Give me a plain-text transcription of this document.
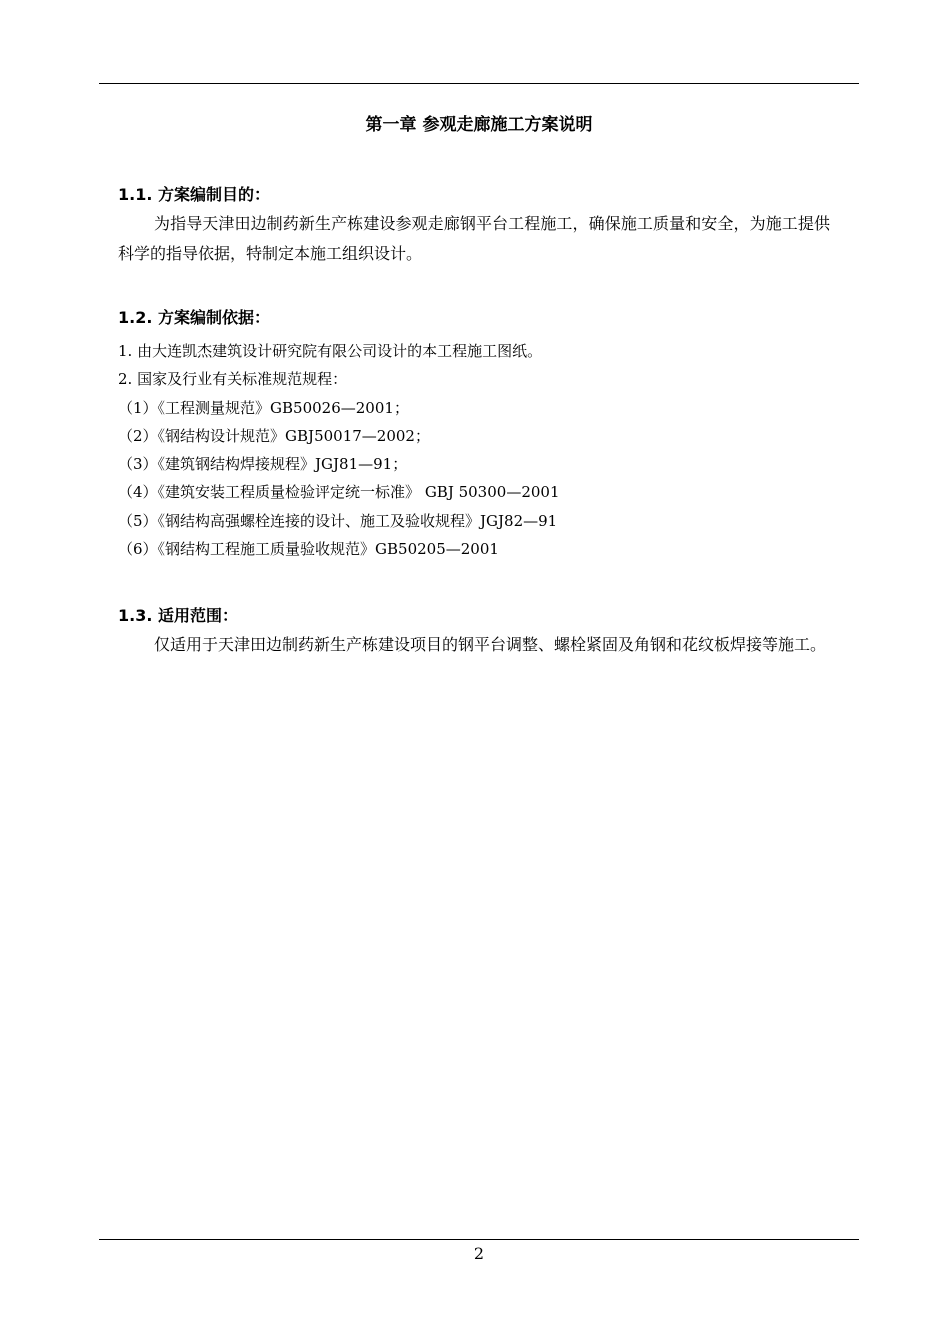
第一章 参观走廊施工方案说明

1.1. 方案编制目的：

为指导天津田边制药新生产栋建设参观走廊钢平台工程施工，确保施工质量和安全，为施工提供科学的指导依据，特制定本施工组织设计。

1.2. 方案编制依据：

1. 由大连凯杰建筑设计研究院有限公司设计的本工程施工图纸。

2. 国家及行业有关标准规范规程：

（1）《工程测量规范》GB50026—2001；

（2）《钢结构设计规范》GBJ50017—2002；

（3）《建筑钢结构焊接规程》JGJ81—91；

（4）《建筑安装工程质量检验评定统一标准》 GBJ 50300—2001

（5）《钢结构高强螺栓连接的设计、施工及验收规程》JGJ82—91

（6）《钢结构工程施工质量验收规范》GB50205—2001

1.3. 适用范围：

仅适用于天津田边制药新生产栋建设项目的钢平台调整、螺栓紧固及角钢和花纹板焊接等施工。

2
